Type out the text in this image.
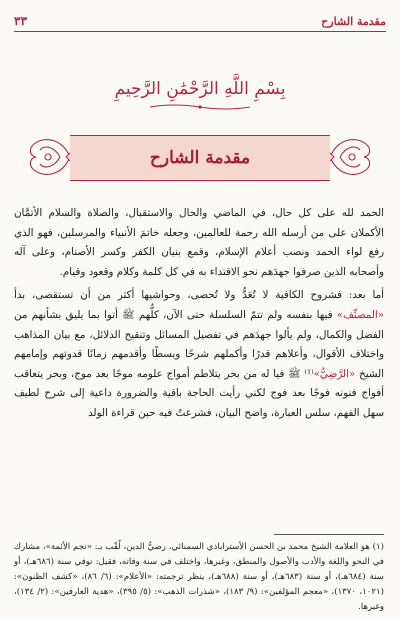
مقدمة الشارح
٣٣
بِسْمِ اللَّهِ الرَّحْمَٰنِ الرَّحِيمِ
مقدمة الشارح

الحمد لله على كل حال، في الماضي والحال والاستقبال، والصلاة والسلام الأتمَّان الأكملان على من أرسله الله رحمة للعالمين، وجعله خاتمَ الأنبياء والمرسلين، فهو الذي رفع لواء الحمد ونصب أعلام الإسلام، وقمع بنيان الكفر وكسر الأصنام، وعلى آله وأصحابه الذين صرفوا جهدَهم نحو الاقتداء به في كل كلمة وكلام وقعود وقيام.

أما بعد: فشروح الكافية لا تُعَدُّ ولا تُحصى، وحواشيها أكثر من أن تستقصى، بدأ «المصنِّف» فيها بنفسه ولم تتمّ السلسلة حتى الآن، كلُّهم ﷺ أتوا بما يليق بشأنهم من الفضل والكمال، ولم يألوا جهدَهم في تفصيل المسائل وتنقيح الدلائل، مع بيان المذاهب واختلاف الأقوال، وأعلاهم قدرًا وأكملهم شرحًا وبسطًا وأقدمهم زمانًا قدوتهم وإمامهم الشيخ «الرَّضِيُّ»⁽¹⁾ ﷺ فيا له من بحر يتلاطم أمواج علومه موجًا بعد موج، وبحر يتعاقب أفواج فنونه فوجًا بعد فوج لكني رأيت الحاجة باقية والضرورة داعية إلى شرح لطيف سهل الفهم، سلس العبارة، واضح البيان، فشرعتُ فيه حين قراءة الولد

(١) هو العلامة الشيخ محمد بن الحسن الأستراباذي السمنائي، رضيُّ الدين، لُقّب بـ: «نجم الأئمة»، مشارك في النحو واللغة والأدب والأصول والمنطق، وغيرها، واختلف في سنة وفاته، فقيل: توفي سنة (٦٨٦هـ)، أو سنة (٦٨٤هـ)، أو سنة (٦٨٣هـ)، أو سنة (٦٨٨هـ)، ينظر ترجمته: «الأعلام»: (٦/ ٨٦)، «كشف الظنون»: (١٠٢١، ١٣٧٠)، «معجم المؤلفين»: (٩/ ١٨٣)، «شذرات الذهب»: (٥/ ٣٩٥)، «هدية العارفين»: (٢/ ١٣٤)، وغيرها.
